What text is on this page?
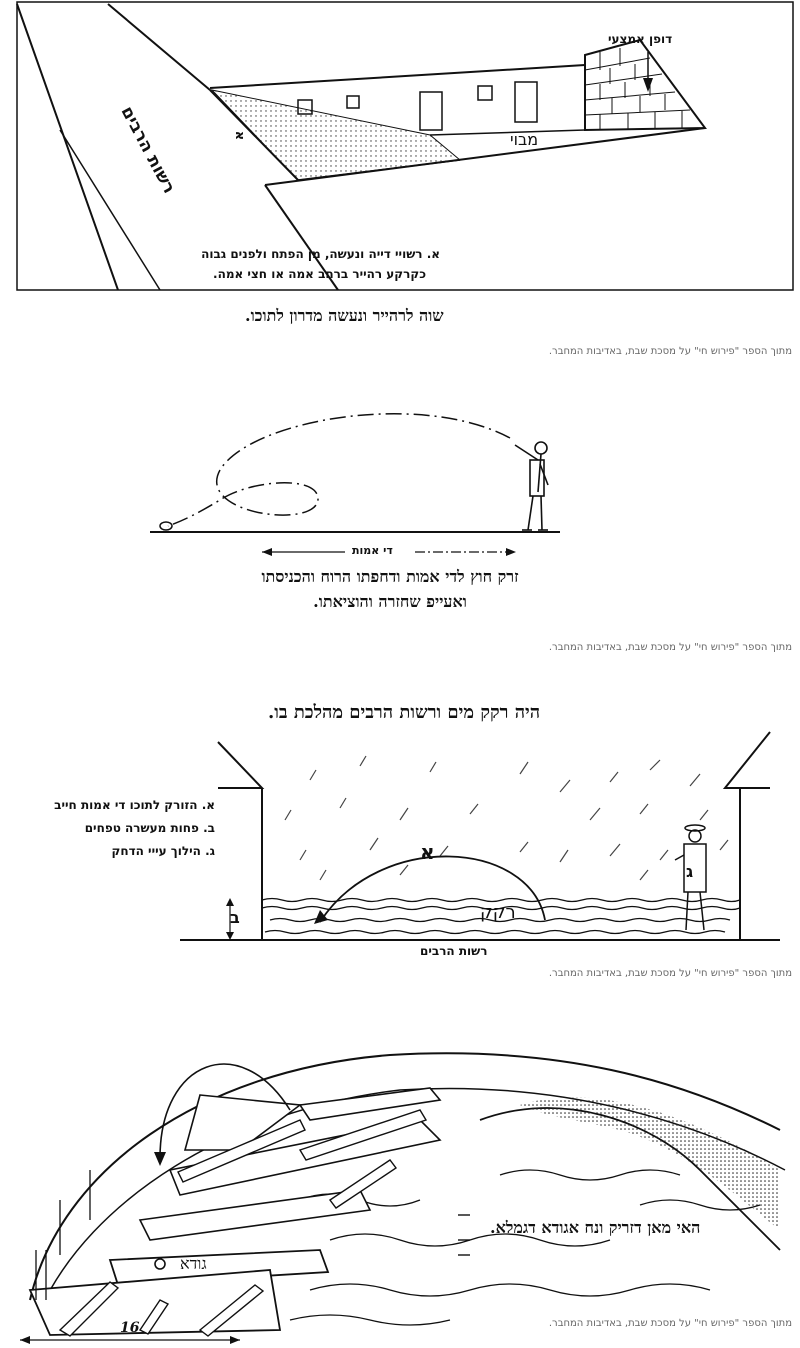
דופן אמצעי
מבוי
א
רשות הרבים
א. רשויי דייה ונעשה, מן הפתח ולפנים גבוה
כקרקע רהייר ברחב אמה או חצי אמה.
שוה לרהייר ונעשה מדרון לתוכו.
מתוך הספר "פירוש חי" על מסכת שבת, באדיבות המחבר.
די אמות
זרק חוץ לדי אמות ודחפתו הרוח והכניסתו
ואעייפ שחזרה והוציאתו.
מתוך הספר "פירוש חי" על מסכת שבת, באדיבות המחבר.
היה רקק מים ורשות הרבים מהלכת בו.
א
ב
ג
רקק
א. הזורק לתוכו די אמות חייב
ב. פחות מעשרה טפחים
ג. הילוך עייי הדחק
רשות הרבים
מתוך הספר "פירוש חי" על מסכת שבת, באדיבות המחבר.
גודא
האי מאן דזריק ונח אגודא דגמלא.
16	מתוך הספר "פירוש חי" על מסכת שבת, באדיבות המחבר.
